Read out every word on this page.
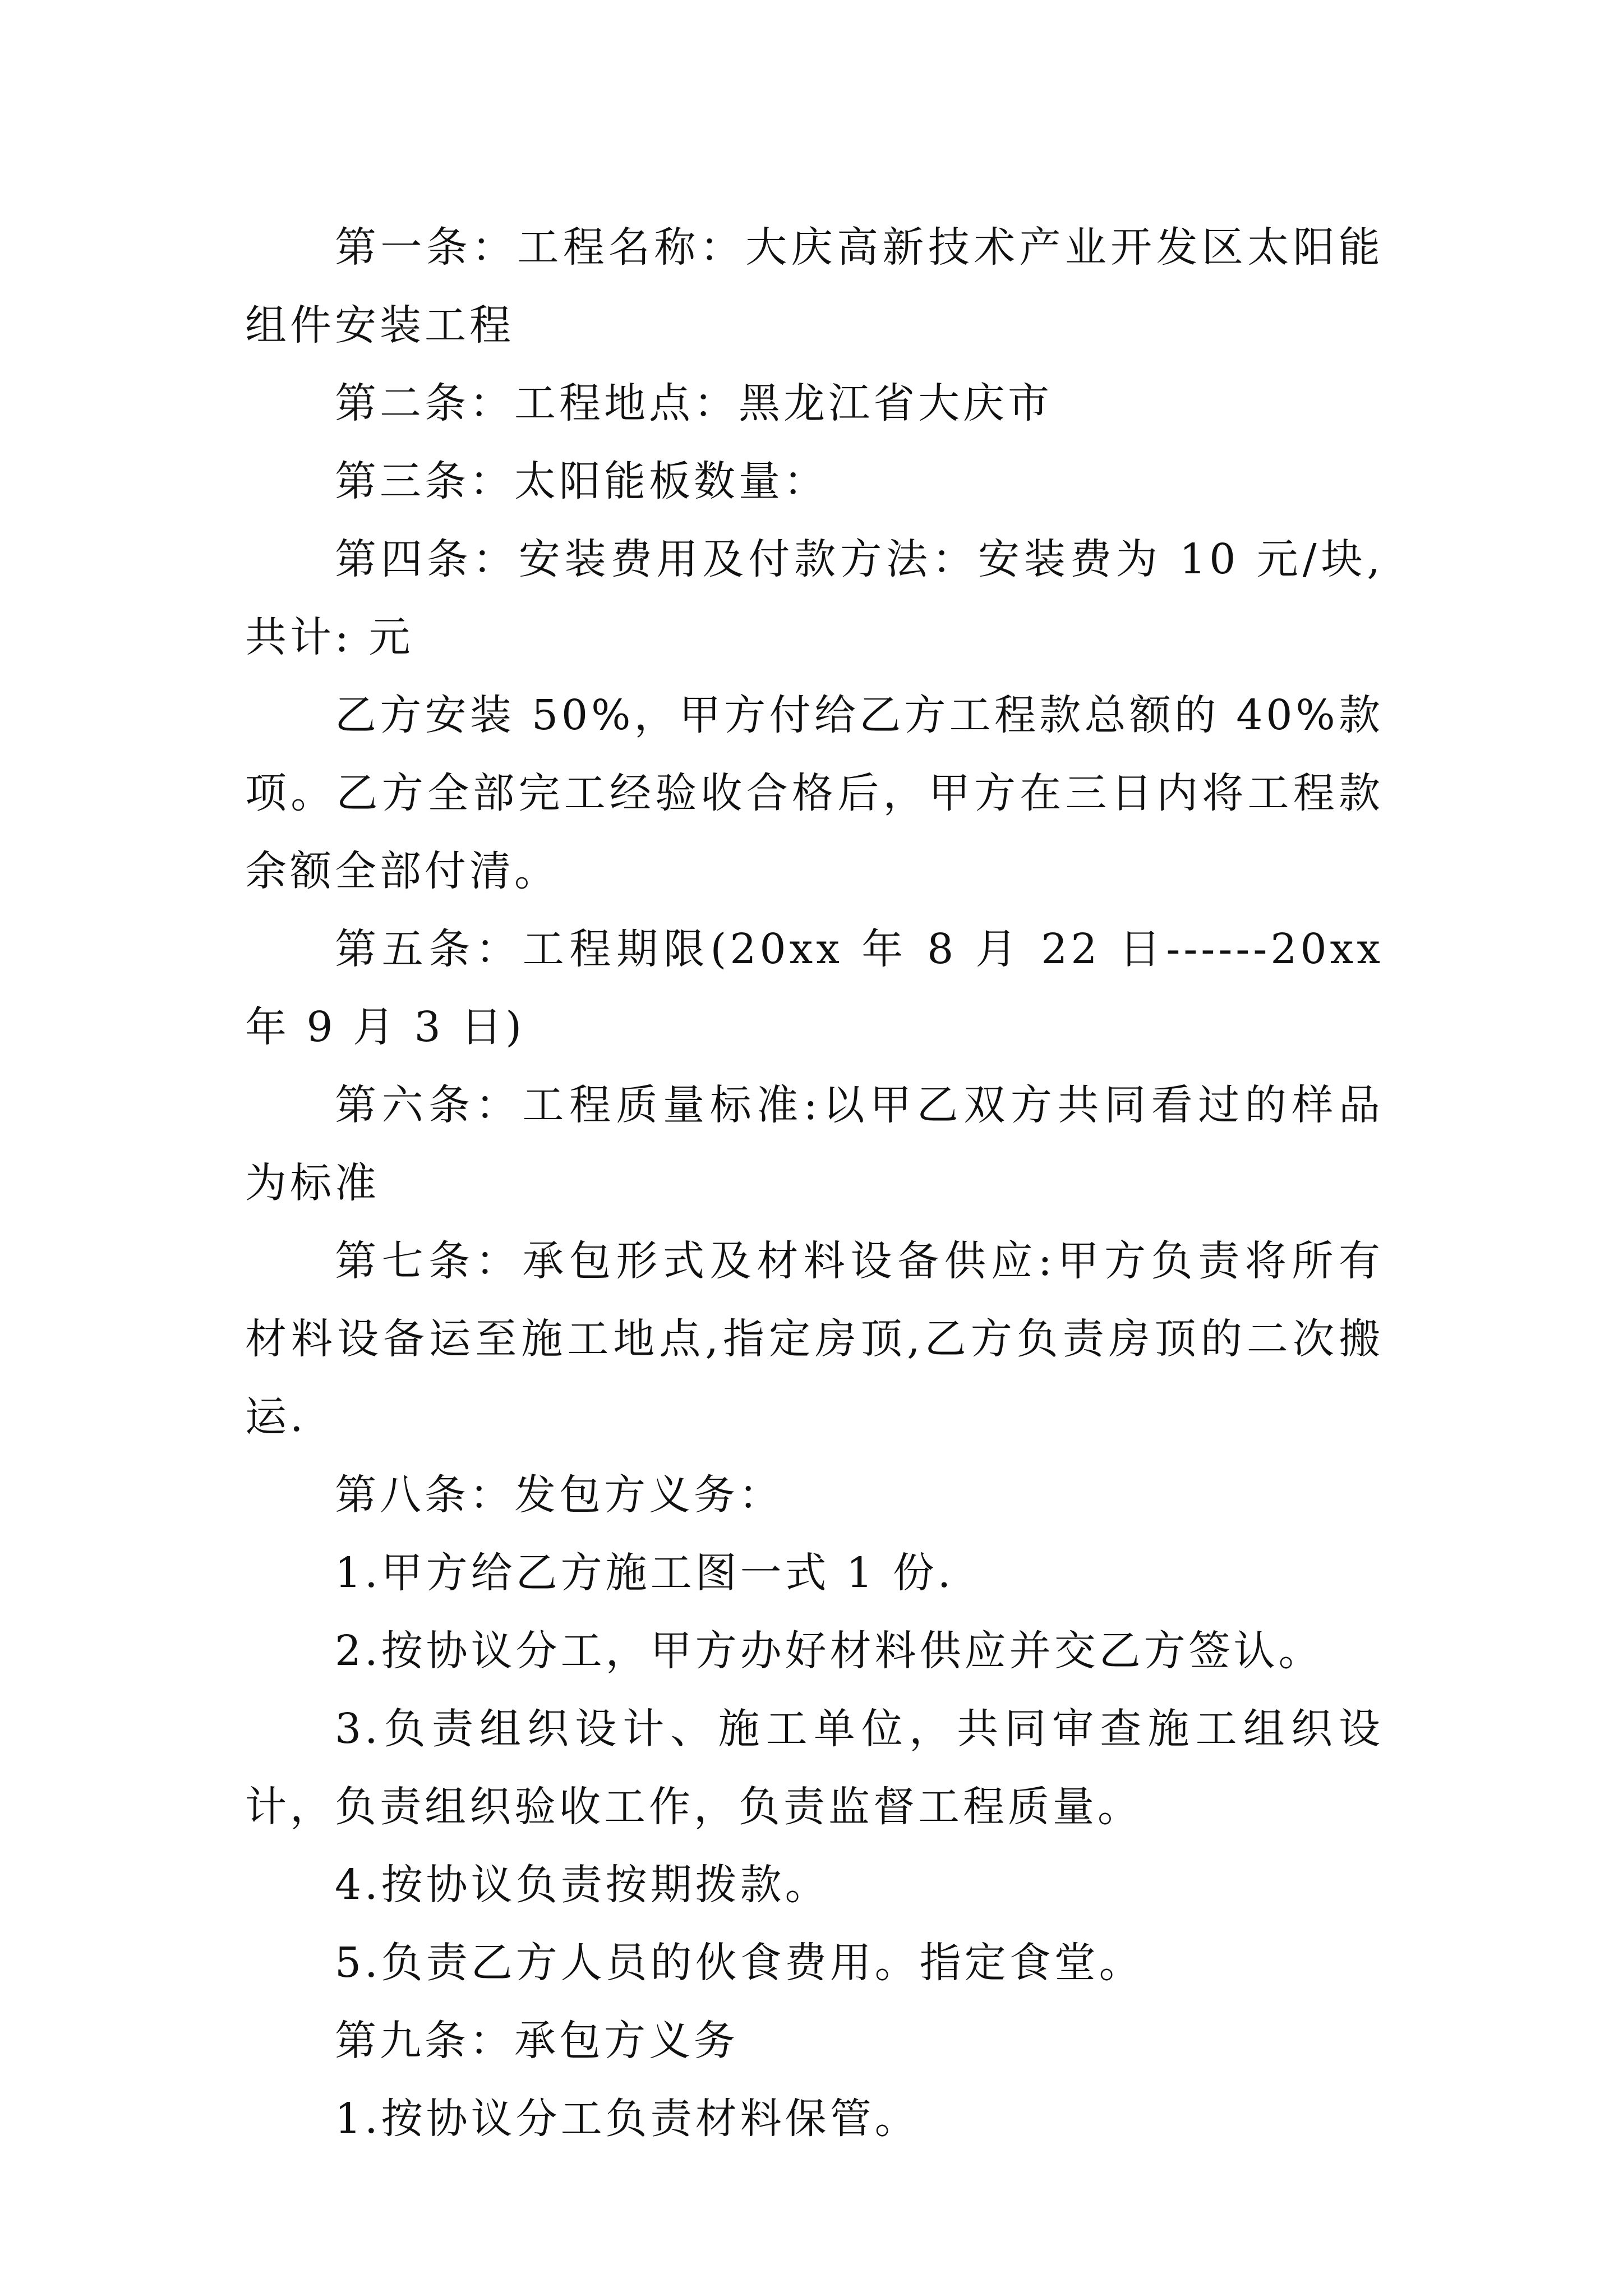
第一条：工程名称：大庆高新技术产业开发区太阳能组件安装工程

第二条：工程地点：黑龙江省大庆市

第三条：太阳能板数量：

第四条：安装费用及付款方法：安装费为 10 元/块,共计: 元

乙方安装 50%，甲方付给乙方工程款总额的 40%款项。乙方全部完工经验收合格后，甲方在三日内将工程款余额全部付清。

第五条：工程期限(20xx 年 8 月 22 日------20xx 年 9 月 3 日)

第六条：工程质量标准:以甲乙双方共同看过的样品为标准

第七条：承包形式及材料设备供应:甲方负责将所有材料设备运至施工地点,指定房顶,乙方负责房顶的二次搬运.

第八条：发包方义务：

1.甲方给乙方施工图一式 1 份.

2.按协议分工，甲方办好材料供应并交乙方签认。

3.负责组织设计、施工单位，共同审查施工组织设计，负责组织验收工作，负责监督工程质量。

4.按协议负责按期拨款。

5.负责乙方人员的伙食费用。指定食堂。

第九条：承包方义务

1.按协议分工负责材料保管。
